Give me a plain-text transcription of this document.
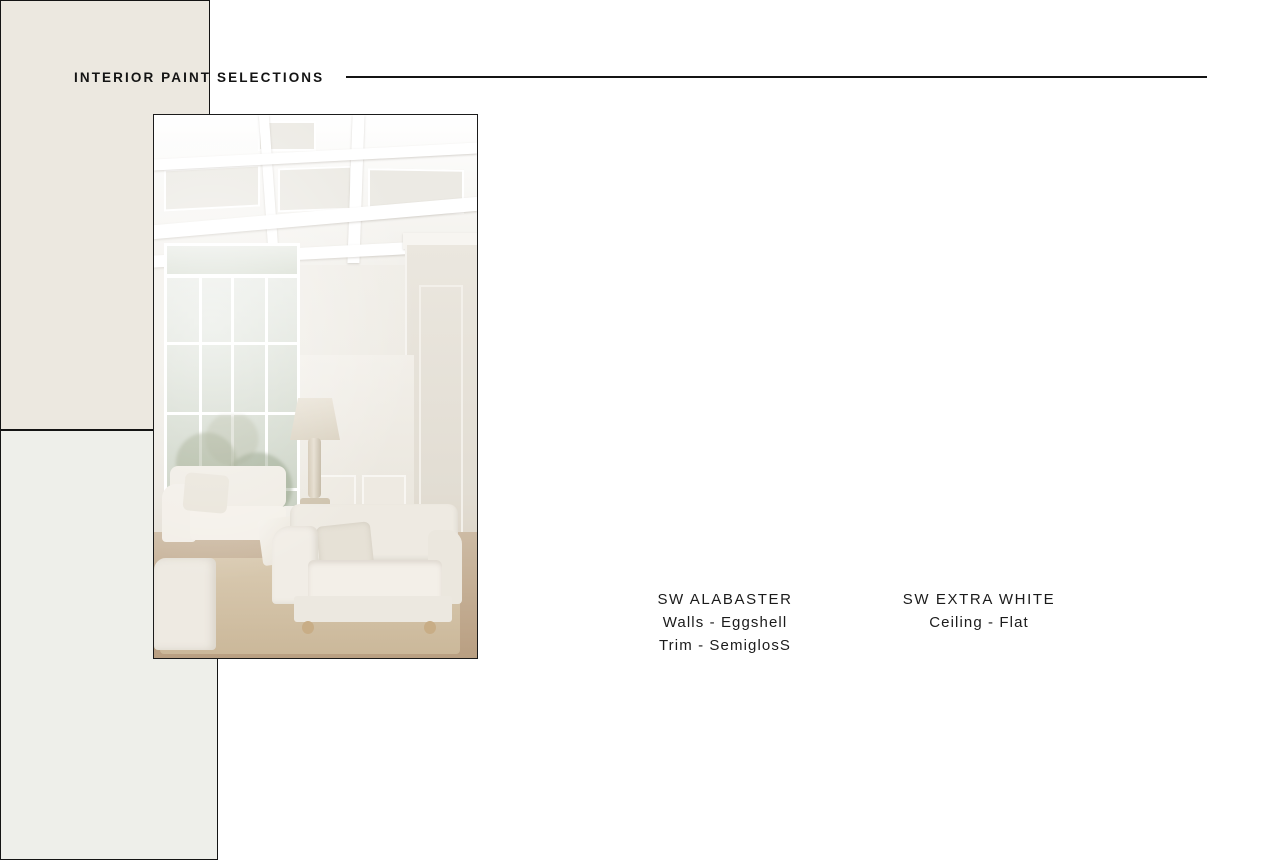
INTERIOR PAINT SELECTIONS
SW ALABASTER
Walls - Eggshell
Trim - SemiglosS
SW EXTRA WHITE
Ceiling - Flat
